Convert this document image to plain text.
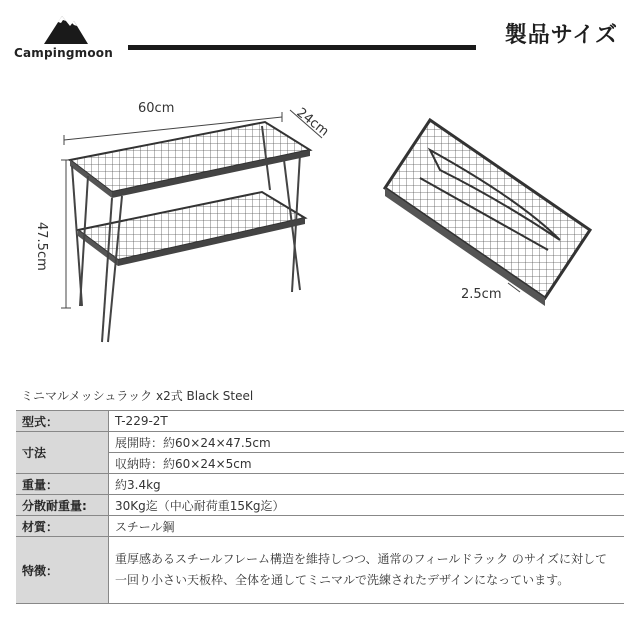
Campingmoon
製品サイズ
60cm	24cm
47.5cm
2.5cm
ミニマルメッシュラック x2式 Black Steel
型式：	T-229-2T
寸法	展開時：約60×24×47.5cm
	収納時：約60×24×5cm
重量：	約3.4kg
分散耐重量:	30Kg迄（中心耐荷重15Kg迄）
材質：	スチール鋼
特徴：	重厚感あるスチールフレーム構造を維持しつつ、通常のフィールドラック のサイズに対して一回り小さい天板枠、全体を通してミニマルで洗練されたデザインになっています。
